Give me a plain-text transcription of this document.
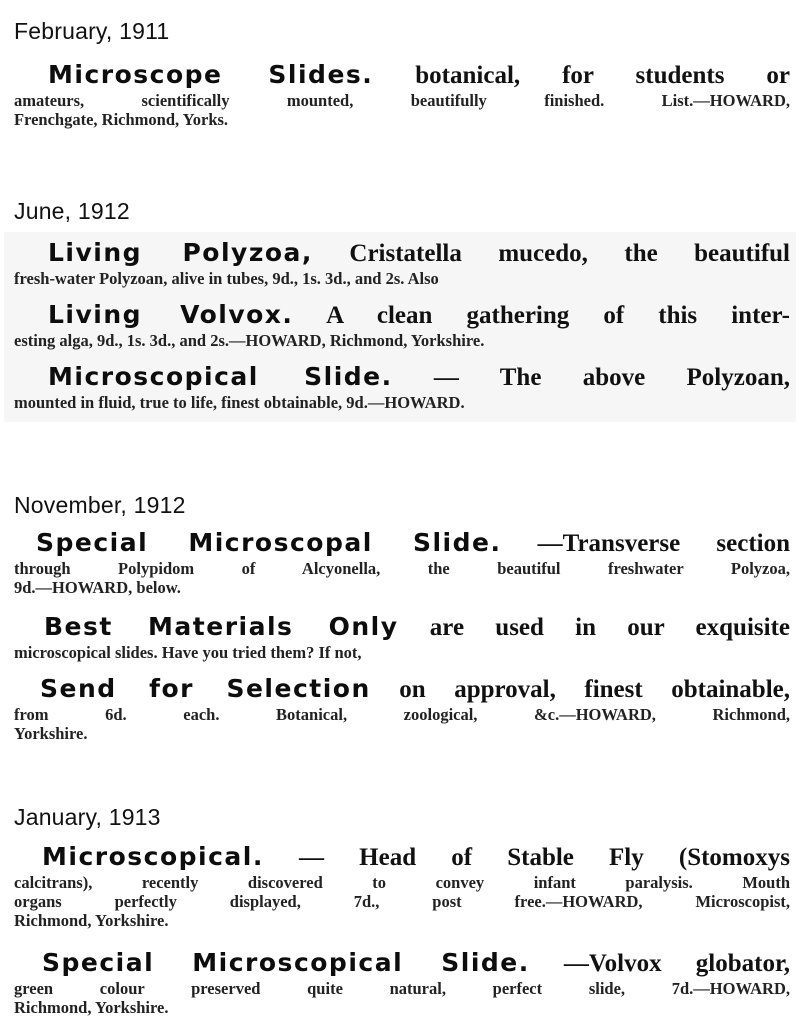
February, 1911
Microscope Slides. botanical, for students or
amateurs, scientifically mounted, beautifully finished. List.—HOWARD,
Frenchgate, Richmond, Yorks.
June, 1912
Living Polyzoa, Cristatella mucedo, the beautiful
fresh-water Polyzoan, alive in tubes, 9d., 1s. 3d., and 2s. Also
Living Volvox. A clean gathering of this inter-
esting alga, 9d., 1s. 3d., and 2s.—HOWARD, Richmond, Yorkshire.
Microscopical Slide. — The above Polyzoan,
mounted in fluid, true to life, finest obtainable, 9d.—HOWARD.
November, 1912
Special Microscopal Slide. —Transverse section
through Polypidom of Alcyonella, the beautiful freshwater Polyzoa,
9d.—HOWARD, below.
Best Materials Only are used in our exquisite
microscopical slides. Have you tried them? If not,
Send for Selection on approval, finest obtainable,
from 6d. each. Botanical, zoological, &c.—HOWARD, Richmond,
Yorkshire.
January, 1913
Microscopical. — Head of Stable Fly (Stomoxys
calcitrans), recently discovered to convey infant paralysis. Mouth
organs perfectly displayed, 7d., post free.—HOWARD, Microscopist,
Richmond, Yorkshire.
Special Microscopical Slide. —Volvox globator,
green colour preserved quite natural, perfect slide, 7d.—HOWARD,
Richmond, Yorkshire.
